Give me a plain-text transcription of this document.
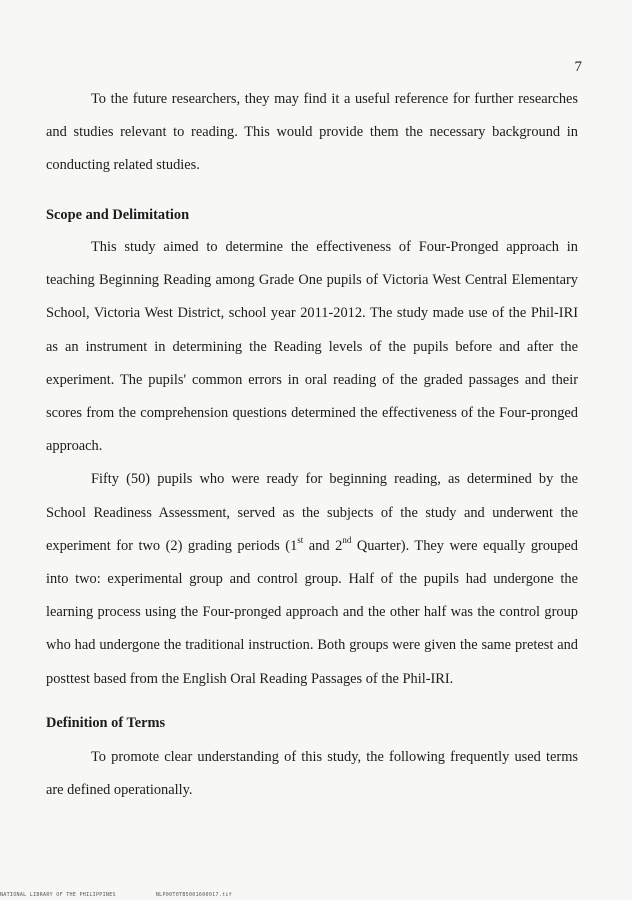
7

To the future researchers, they may find it a useful reference for further researches and studies relevant to reading. This would provide them the necessary background in conducting related studies.

Scope and Delimitation

This study aimed to determine the effectiveness of Four-Pronged approach in teaching Beginning Reading among Grade One pupils of Victoria West Central Elementary School, Victoria West District, school year 2011-2012. The study made use of the Phil-IRI as an instrument in determining the Reading levels of the pupils before and after the experiment. The pupils' common errors in oral reading of the graded passages and their scores from the comprehension questions determined the effectiveness of the Four-pronged approach.

Fifty (50) pupils who were ready for beginning reading, as determined by the School Readiness Assessment, served as the subjects of the study and underwent the experiment for two (2) grading periods (1st and 2nd Quarter). They were equally grouped into two: experimental group and control group. Half of the pupils had undergone the learning process using the Four-pronged approach and the other half was the control group who had undergone the traditional instruction. Both groups were given the same pretest and posttest based from the English Oral Reading Passages of the Phil-IRI.

Definition of Terms

To promote clear understanding of this study, the following frequently used terms are defined operationally.

NATIONAL LIBRARY OF THE PHILIPPINES	NLP00T0TB5001600017.tif
